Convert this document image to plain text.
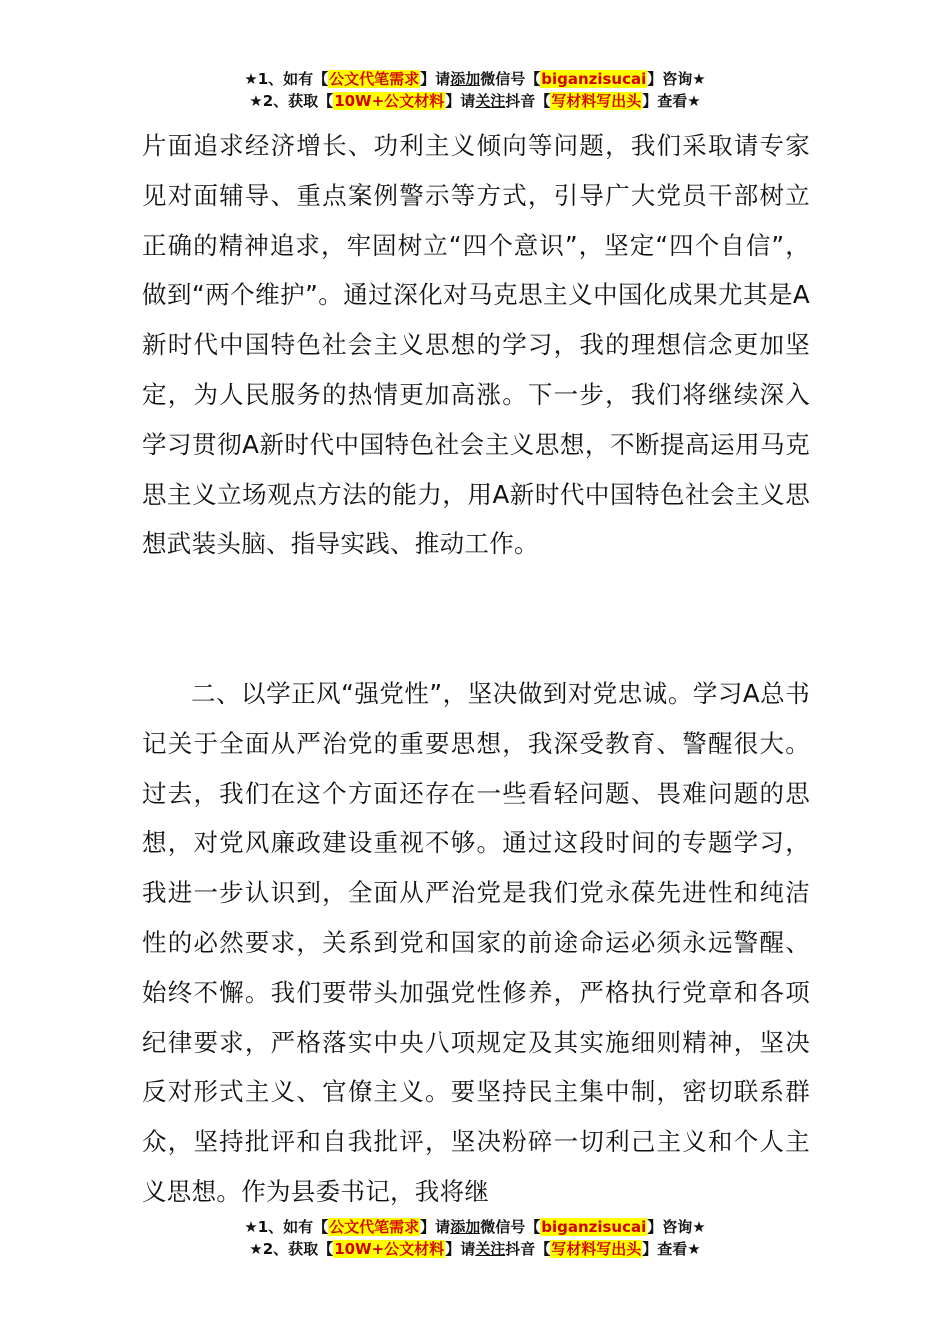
★1、如有【公文代笔需求】请添加微信号【biganzisucai】咨询★
★2、获取【10W+公文材料】请关注抖音【写材料写出头】查看★

片面追求经济增长、功利主义倾向等问题，我们采取请专家见对面辅导、重点案例警示等方式，引导广大党员干部树立正确的精神追求，牢固树立“四个意识”，坚定“四个自信”，做到“两个维护”。通过深化对马克思主义中国化成果尤其是A新时代中国特色社会主义思想的学习，我的理想信念更加坚定，为人民服务的热情更加高涨。下一步，我们将继续深入学习贯彻A新时代中国特色社会主义思想，不断提高运用马克思主义立场观点方法的能力，用A新时代中国特色社会主义思想武装头脑、指导实践、推动工作。

二、以学正风“强党性”，坚决做到对党忠诚。学习A总书记关于全面从严治党的重要思想，我深受教育、警醒很大。过去，我们在这个方面还存在一些看轻问题、畏难问题的思想，对党风廉政建设重视不够。通过这段时间的专题学习，我进一步认识到，全面从严治党是我们党永葆先进性和纯洁性的必然要求，关系到党和国家的前途命运必须永远警醒、始终不懈。我们要带头加强党性修养，严格执行党章和各项纪律要求，严格落实中央八项规定及其实施细则精神，坚决反对形式主义、官僚主义。要坚持民主集中制，密切联系群众，坚持批评和自我批评，坚决粉碎一切利己主义和个人主义思想。作为县委书记，我将继

★1、如有【公文代笔需求】请添加微信号【biganzisucai】咨询★
★2、获取【10W+公文材料】请关注抖音【写材料写出头】查看★
